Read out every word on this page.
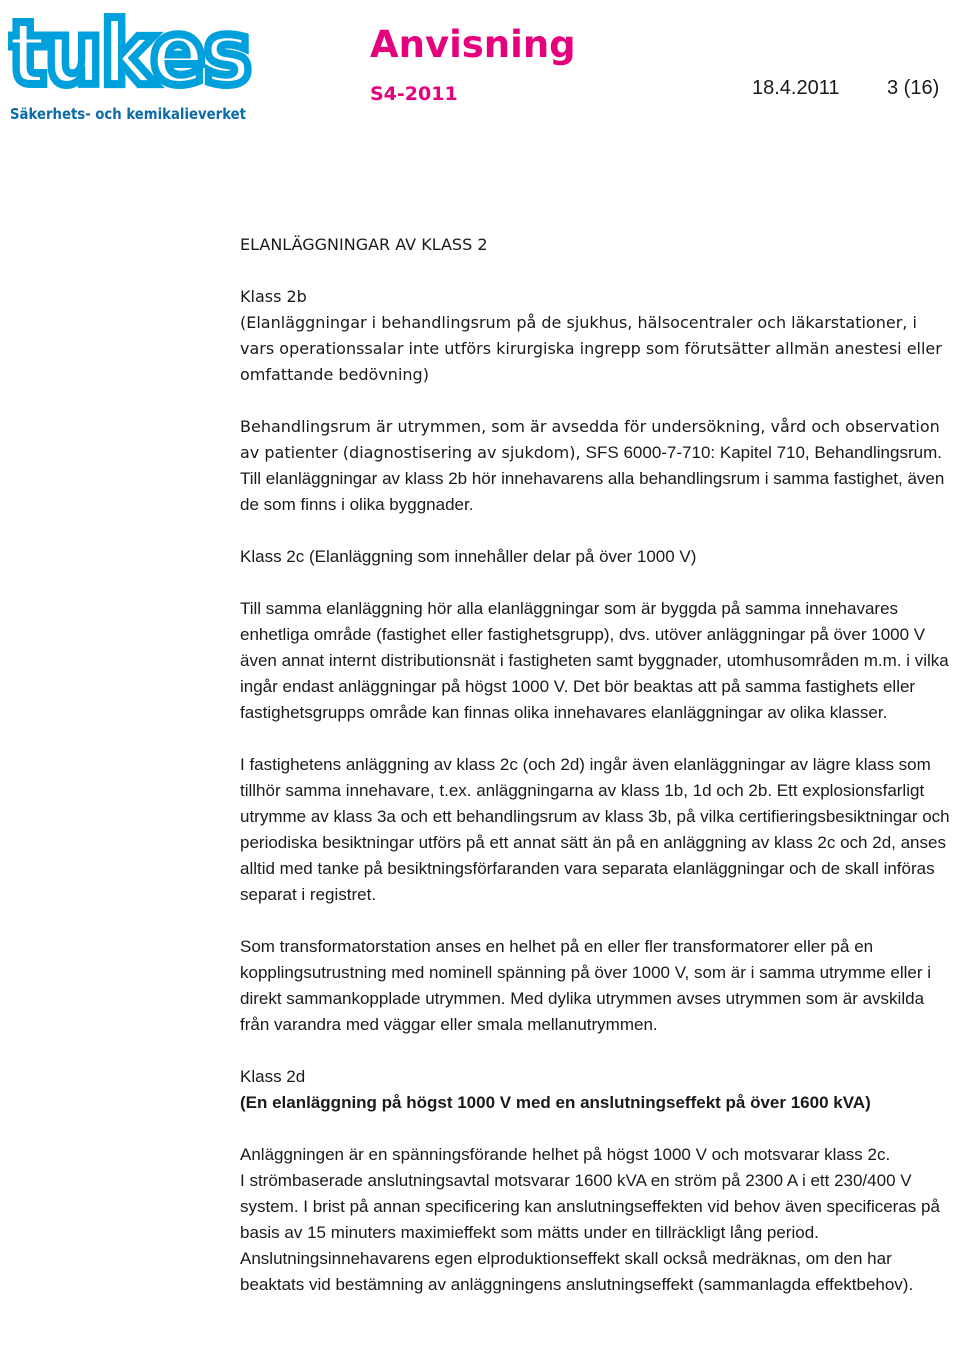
tukes
Säkerhets- och kemikalieverket
Anvisning
S4-2011	18.4.2011 3 (16)

ELANLÄGGNINGAR AV KLASS 2

Klass 2b

(Elanläggningar i behandlingsrum på de sjukhus, hälsocentraler och läkarstationer, i vars operationssalar inte utförs kirurgiska ingrepp som förutsätter allmän anestesi eller omfattande bedövning)

Behandlingsrum är utrymmen, som är avsedda för undersökning, vård och observation av patienter (diagnostisering av sjukdom), SFS 6000-7-710: Kapitel 710, Behandlingsrum. Till elanläggningar av klass 2b hör innehavarens alla behandlingsrum i samma fastighet, även de som finns i olika byggnader.

Klass 2c (Elanläggning som innehåller delar på över 1000 V)

Till samma elanläggning hör alla elanläggningar som är byggda på samma innehavares enhetliga område (fastighet eller fastighetsgrupp), dvs. utöver anläggningar på över 1000 V även annat internt distributionsnät i fastigheten samt byggnader, utomhusområden m.m. i vilka ingår endast anläggningar på högst 1000 V. Det bör beaktas att på samma fastighets eller fastighetsgrupps område kan finnas olika innehavares elanläggningar av olika klasser.

I fastighetens anläggning av klass 2c (och 2d) ingår även elanläggningar av lägre klass som tillhör samma innehavare, t.ex. anläggningarna av klass 1b, 1d och 2b. Ett explosionsfarligt utrymme av klass 3a och ett behandlingsrum av klass 3b, på vilka certifieringsbesiktningar och periodiska besiktningar utförs på ett annat sätt än på en anläggning av klass 2c och 2d, anses alltid med tanke på besiktningsförfaranden vara separata elanläggningar och de skall införas separat i registret.

Som transformatorstation anses en helhet på en eller fler transformatorer eller på en kopplingsutrustning med nominell spänning på över 1000 V, som är i samma utrymme eller i direkt sammankopplade utrymmen. Med dylika utrymmen avses utrymmen som är avskilda från varandra med väggar eller smala mellanutrymmen.

Klass 2d

(En elanläggning på högst 1000 V med en anslutningseffekt på över 1600 kVA)

Anläggningen är en spänningsförande helhet på högst 1000 V och motsvarar klass 2c.

I strömbaserade anslutningsavtal motsvarar 1600 kVA en ström på 2300 A i ett 230/400 V system. I brist på annan specificering kan anslutningseffekten vid behov även specificeras på basis av 15 minuters maximieffekt som mätts under en tillräckligt lång period. Anslutningsinnehavarens egen elproduktionseffekt skall också medräknas, om den har beaktats vid bestämning av anläggningens anslutningseffekt (sammanlagda effektbehov).
